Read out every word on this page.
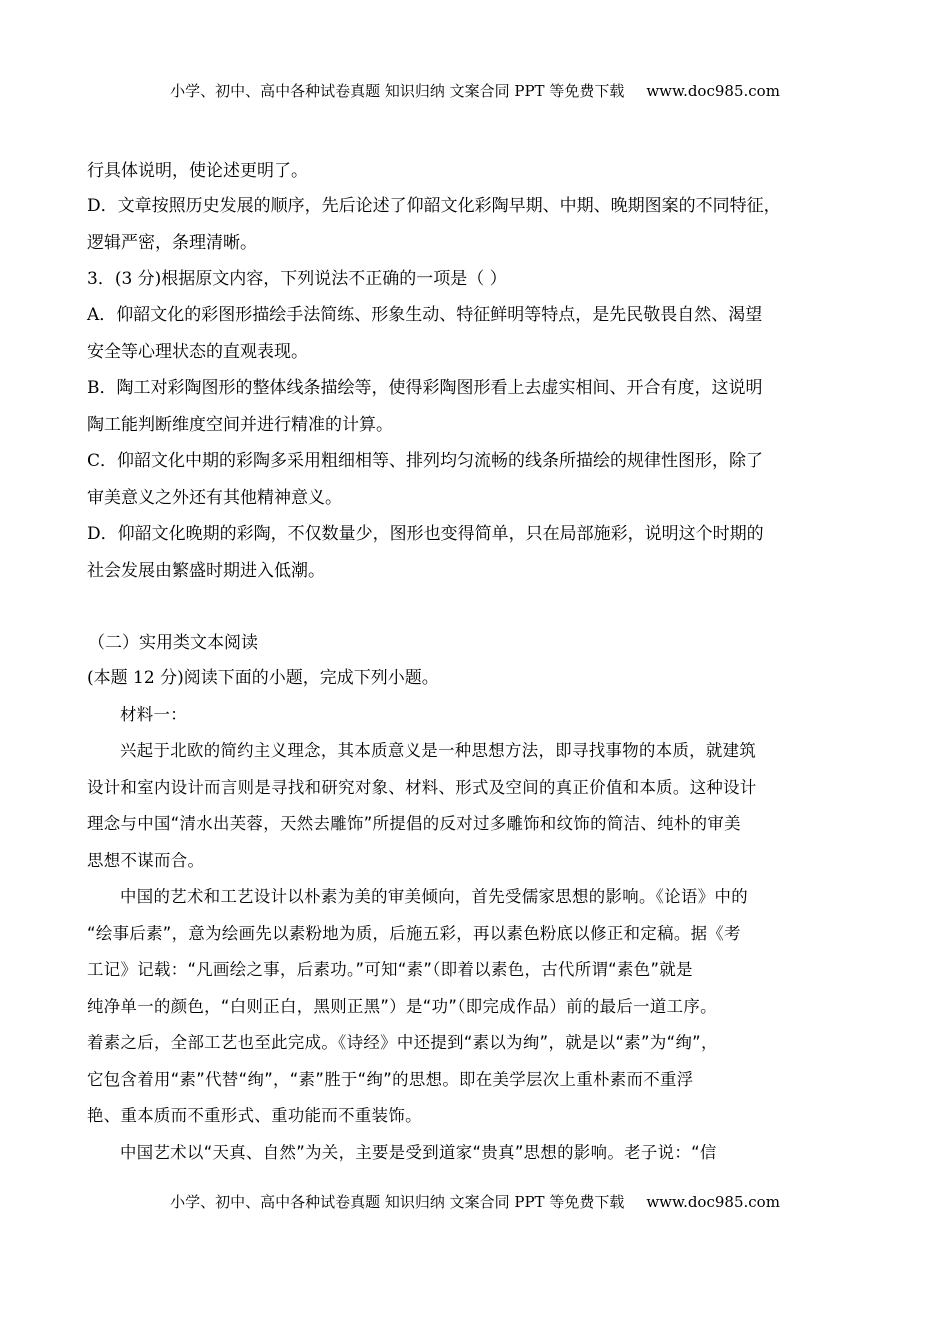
小学、初中、高中各种试卷真题 知识归纳 文案合同 PPT 等免费下载 www.doc985.com

行具体说明，使论述更明了。

D．文章按照历史发展的顺序，先后论述了仰韶文化彩陶早期、中期、晚期图案的不同特征，

逻辑严密，条理清晰。

3．(3 分)根据原文内容，下列说法不正确的一项是（ ）

A．仰韶文化的彩图形描绘手法简练、形象生动、特征鲜明等特点，是先民敬畏自然、渴望

安全等心理状态的直观表现。

B．陶工对彩陶图形的整体线条描绘等，使得彩陶图形看上去虚实相间、开合有度，这说明

陶工能判断维度空间并进行精准的计算。

C．仰韶文化中期的彩陶多采用粗细相等、排列均匀流畅的线条所描绘的规律性图形，除了

审美意义之外还有其他精神意义。

D．仰韶文化晚期的彩陶，不仅数量少，图形也变得简单，只在局部施彩，说明这个时期的

社会发展由繁盛时期进入低潮。

（二）实用类文本阅读

(本题 12 分)阅读下面的小题，完成下列小题。

材料一：

兴起于北欧的简约主义理念，其本质意义是一种思想方法，即寻找事物的本质，就建筑

设计和室内设计而言则是寻找和研究对象、材料、形式及空间的真正价值和本质。这种设计

理念与中国“清水出芙蓉，天然去雕饰”所提倡的反对过多雕饰和纹饰的简洁、纯朴的审美

思想不谋而合。

中国的艺术和工艺设计以朴素为美的审美倾向，首先受儒家思想的影响。《论语》中的

“绘事后素”，意为绘画先以素粉地为质，后施五彩，再以素色粉底以修正和定稿。据《考

工记》记载：“凡画绘之事，后素功。”可知“素”（即着以素色，古代所谓“素色”就是

纯净单一的颜色，“白则正白，黑则正黑”）是“功”（即完成作品）前的最后一道工序。

着素之后，全部工艺也至此完成。《诗经》中还提到“素以为绚”，就是以“素”为“绚”，

它包含着用“素”代替“绚”，“素”胜于“绚”的思想。即在美学层次上重朴素而不重浮

艳、重本质而不重形式、重功能而不重装饰。

中国艺术以“天真、自然”为关，主要是受到道家“贵真”思想的影响。老子说：“信

小学、初中、高中各种试卷真题 知识归纳 文案合同 PPT 等免费下载 www.doc985.com
